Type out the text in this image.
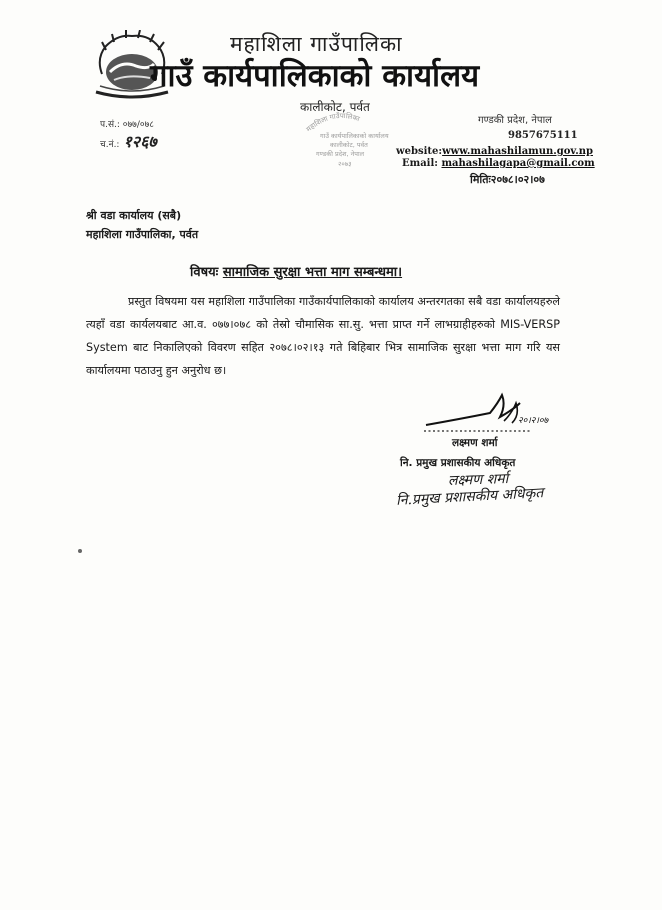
महाशिला गाउँपालिका
गाउँ कार्यपालिकाको कार्यालय
कालीकोट, पर्वत
प.सं.: ०७७/०७८
च.नं.: १२६७
महाशिला गाउँपालिका
गाउँ कार्यपालिकाको कार्यालय
कालीकोट, पर्वत
गण्डकी प्रदेश, नेपाल
२०७३
गण्डकी प्रदेश, नेपाल
9857675111
website:www.mahashilamun.gov.np
Email: mahashilagapa@gmail.com
मितिः२०७८।०२।०७
श्री वडा कार्यालय (सबै)
महाशिला गाउँपालिका, पर्वत
विषयः सामाजिक सुरक्षा भत्ता माग सम्बन्धमा।
प्रस्तुत विषयमा यस महाशिला गाउँपालिका गाउँकार्यपालिकाको कार्यालय अन्तरगतका सबै वडा कार्यालयहरुले त्यहाँ वडा कार्यलयबाट आ.व. ०७७।०७८ को तेस्रो चौमासिक सा.सु. भत्ता प्राप्त गर्ने लाभग्राहीहरुको MIS-VERSP System बाट निकालिएको विवरण सहित २०७८।०२।१३ गते बिहिबार भित्र सामाजिक सुरक्षा भत्ता माग गरि यस कार्यालयमा पठाउनु हुन अनुरोध छ।
२०।२।०७
लक्ष्मण शर्मा
नि. प्रमुख प्रशासकीय अधिकृत
लक्ष्मण शर्मा
नि.प्रमुख प्रशासकीय अधिकृत
